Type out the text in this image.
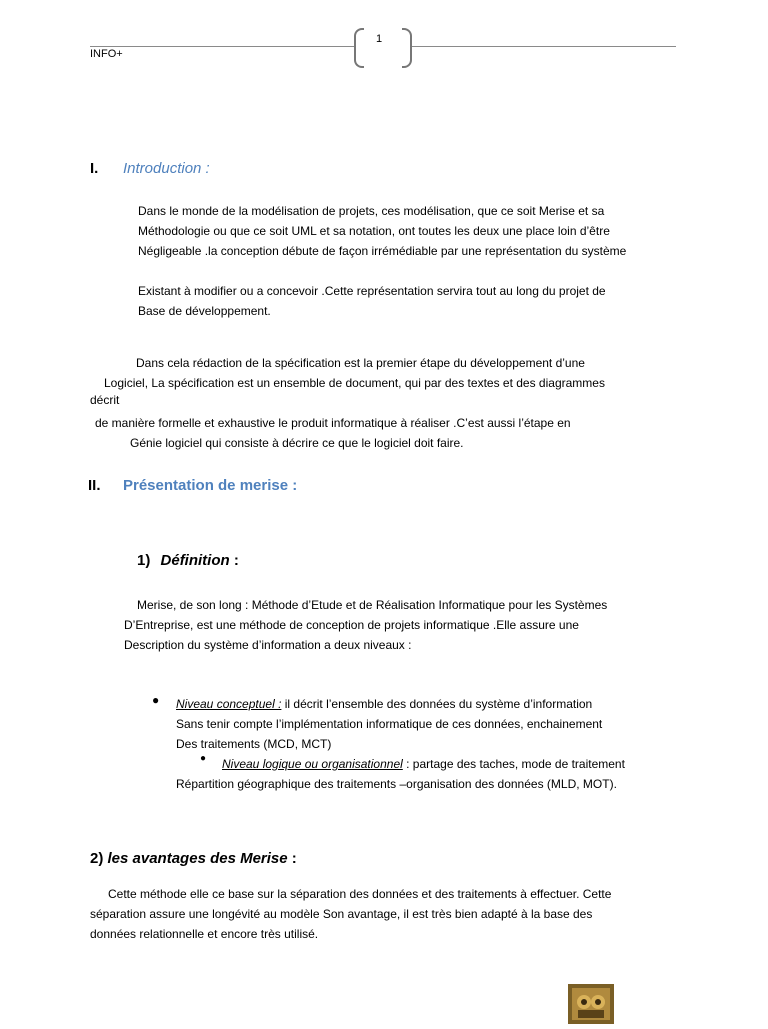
1
INFO+
I. Introduction :
Dans le monde de la modélisation de projets, ces modélisation, que ce soit Merise et sa
Méthodologie ou que ce soit UML et sa notation, ont toutes les deux une place loin d’être
Négligeable .la conception débute de façon irrémédiable par une représentation du système
Existant à modifier ou a concevoir .Cette représentation servira tout au long du projet de
Base de développement.
Dans cela rédaction de la spécification est la premier étape du développement d’une
Logiciel, La spécification est un ensemble de document, qui par des textes et des diagrammes
décrit
de manière formelle et exhaustive le produit informatique à réaliser .C’est aussi l’étape en
Génie logiciel qui consiste à décrire ce que le logiciel doit faire.
II. Présentation de merise :
1) Définition :
Merise, de son long : Méthode d’Etude et de Réalisation Informatique pour les Systèmes
D’Entreprise, est une méthode de conception de projets informatique .Elle assure une
Description du système d’information a deux niveaux :
● Niveau conceptuel : il décrit l’ensemble des données du système d’information
Sans tenir compte l’implémentation informatique de ces données, enchainement
Des traitements (MCD, MCT)
● Niveau logique ou organisationnel : partage des taches, mode de traitement
Répartition géographique des traitements –organisation des données (MLD, MOT).
2) les avantages des Merise :
Cette méthode elle ce base sur la séparation des données et des traitements à effectuer. Cette
séparation assure une longévité au modèle Son avantage, il est très bien adapté à la base des
données relationnelle et encore très utilisé.
